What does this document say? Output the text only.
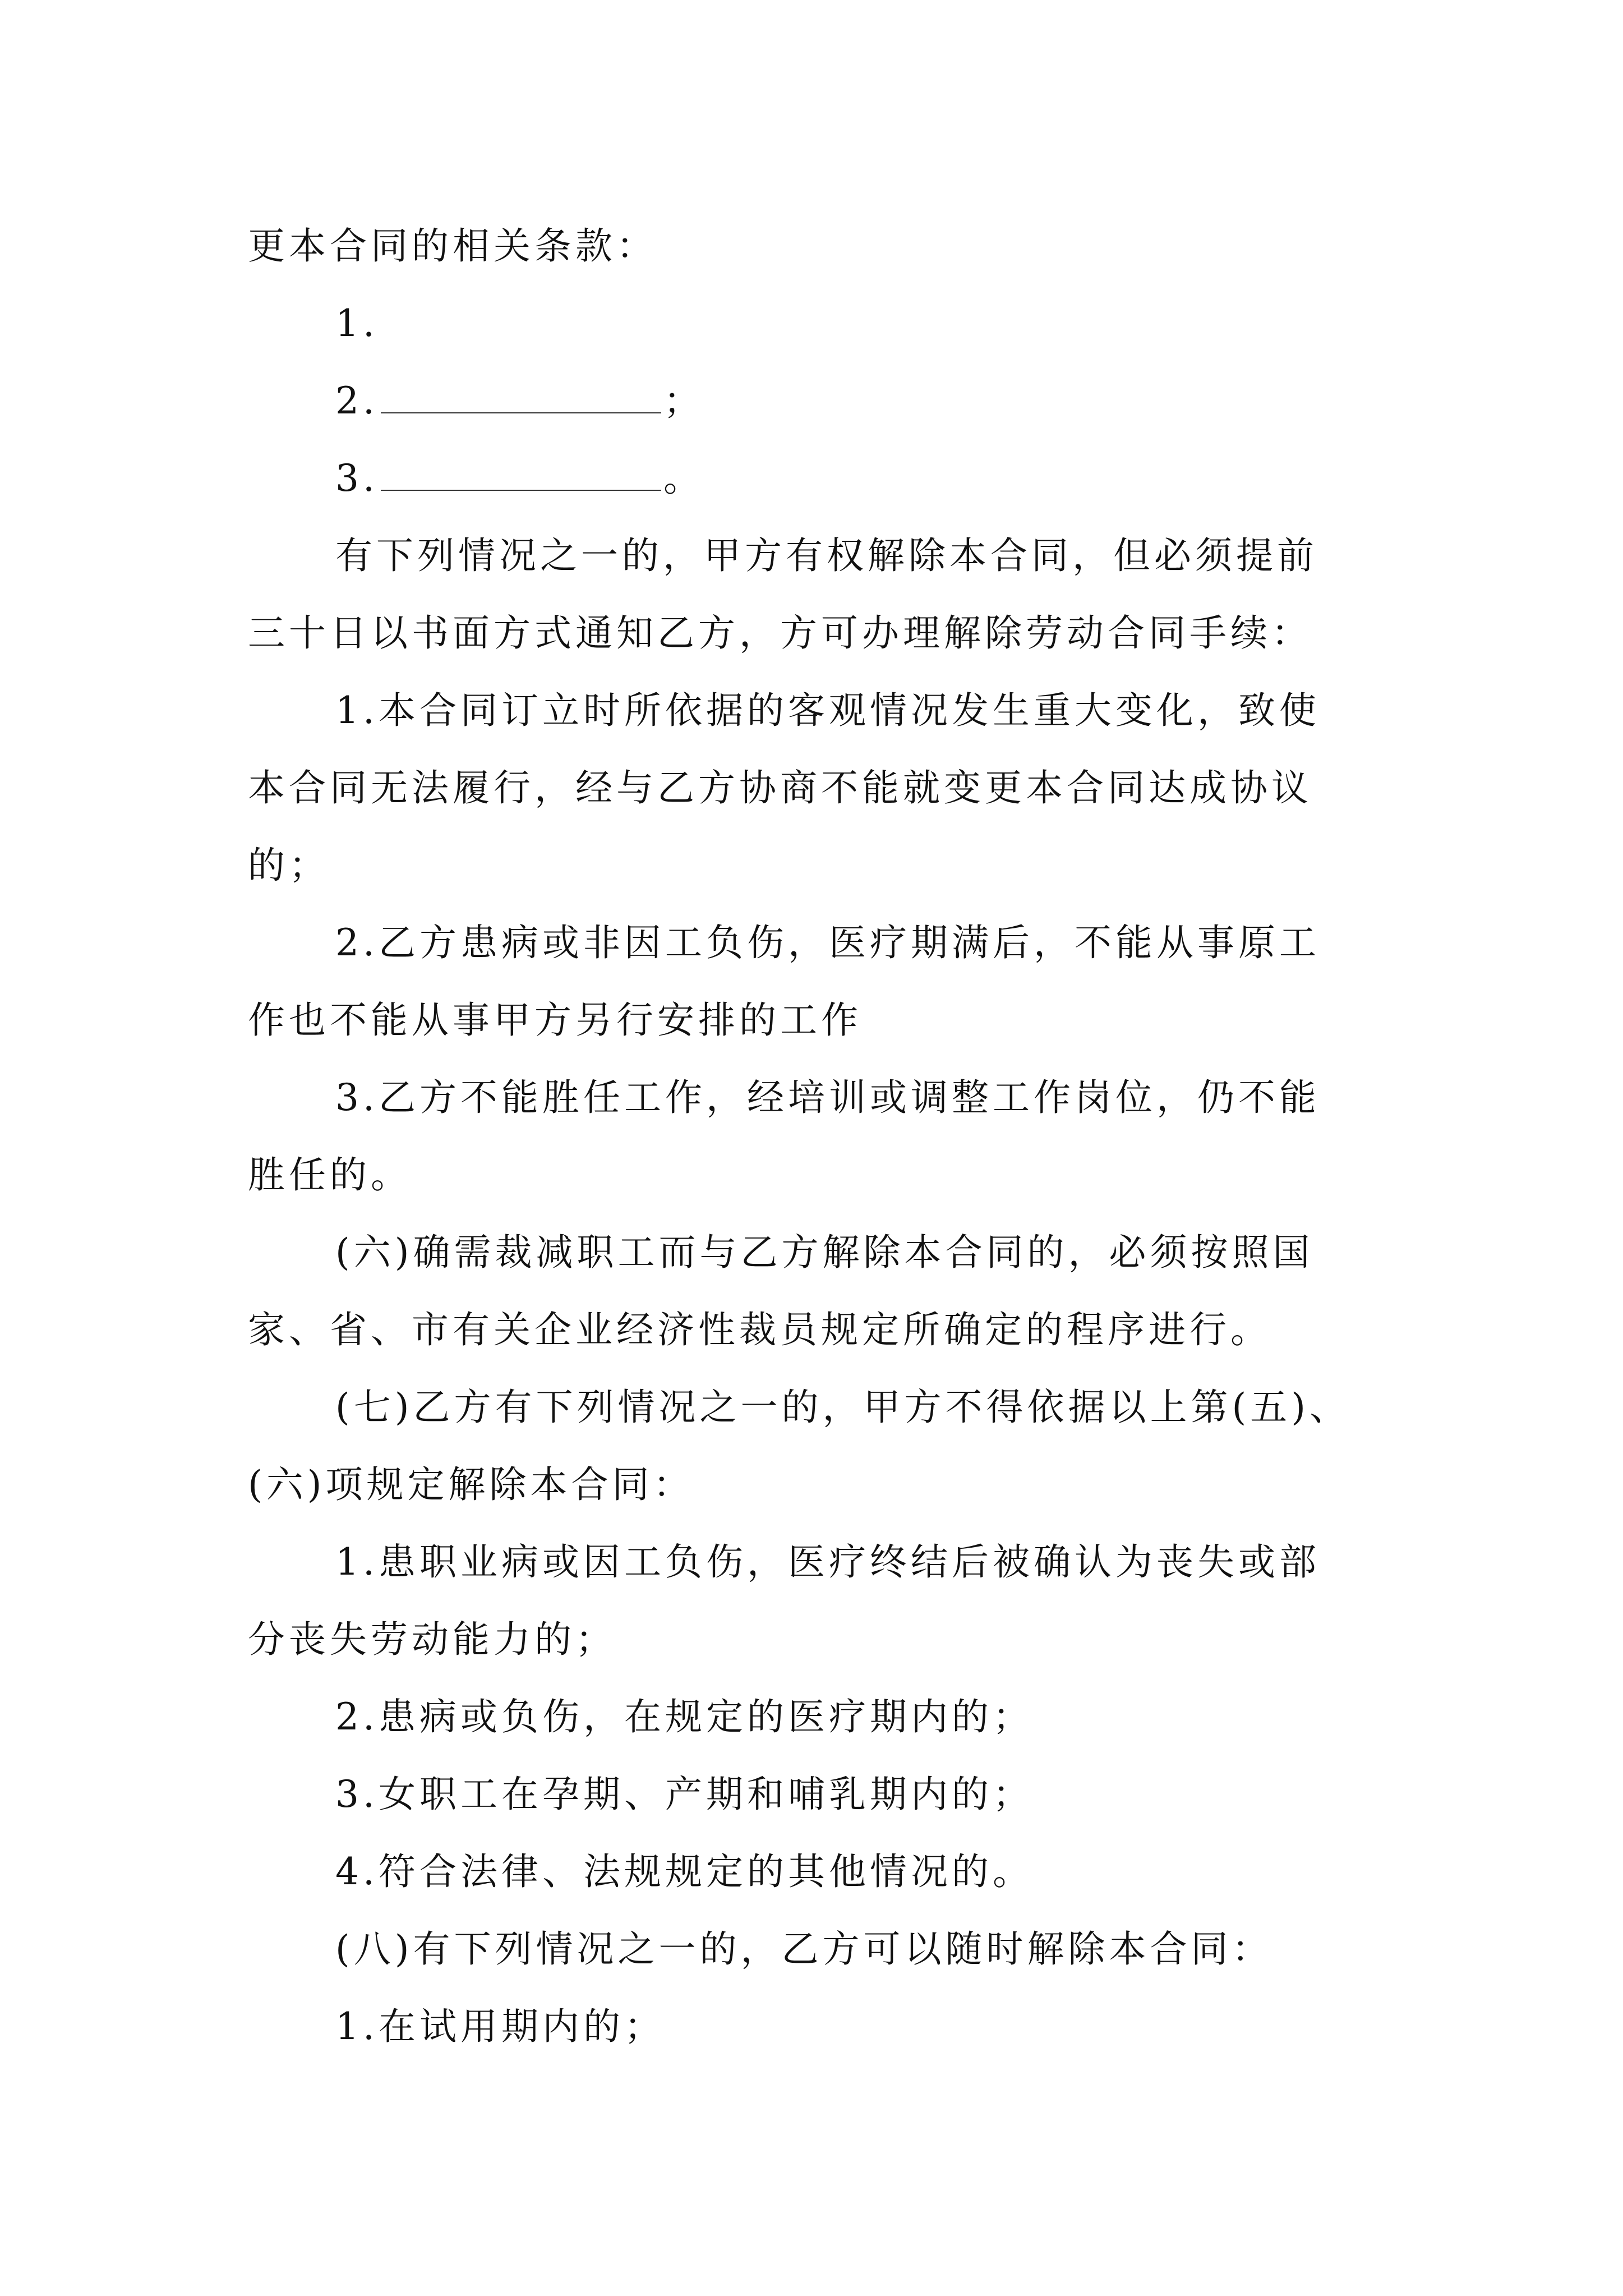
更本合同的相关条款：
1.
2.	；
3.	。
有下列情况之一的，甲方有权解除本合同，但必须提前
三十日以书面方式通知乙方，方可办理解除劳动合同手续：
1.本合同订立时所依据的客观情况发生重大变化，致使
本合同无法履行，经与乙方协商不能就变更本合同达成协议
的；
2.乙方患病或非因工负伤，医疗期满后，不能从事原工
作也不能从事甲方另行安排的工作
3.乙方不能胜任工作，经培训或调整工作岗位，仍不能
胜任的。
(六)确需裁减职工而与乙方解除本合同的，必须按照国
家、省、市有关企业经济性裁员规定所确定的程序进行。
(七)乙方有下列情况之一的，甲方不得依据以上第(五)、
(六)项规定解除本合同：
1.患职业病或因工负伤，医疗终结后被确认为丧失或部
分丧失劳动能力的；
2.患病或负伤，在规定的医疗期内的；
3.女职工在孕期、产期和哺乳期内的；
4.符合法律、法规规定的其他情况的。
(八)有下列情况之一的，乙方可以随时解除本合同：
1.在试用期内的；
